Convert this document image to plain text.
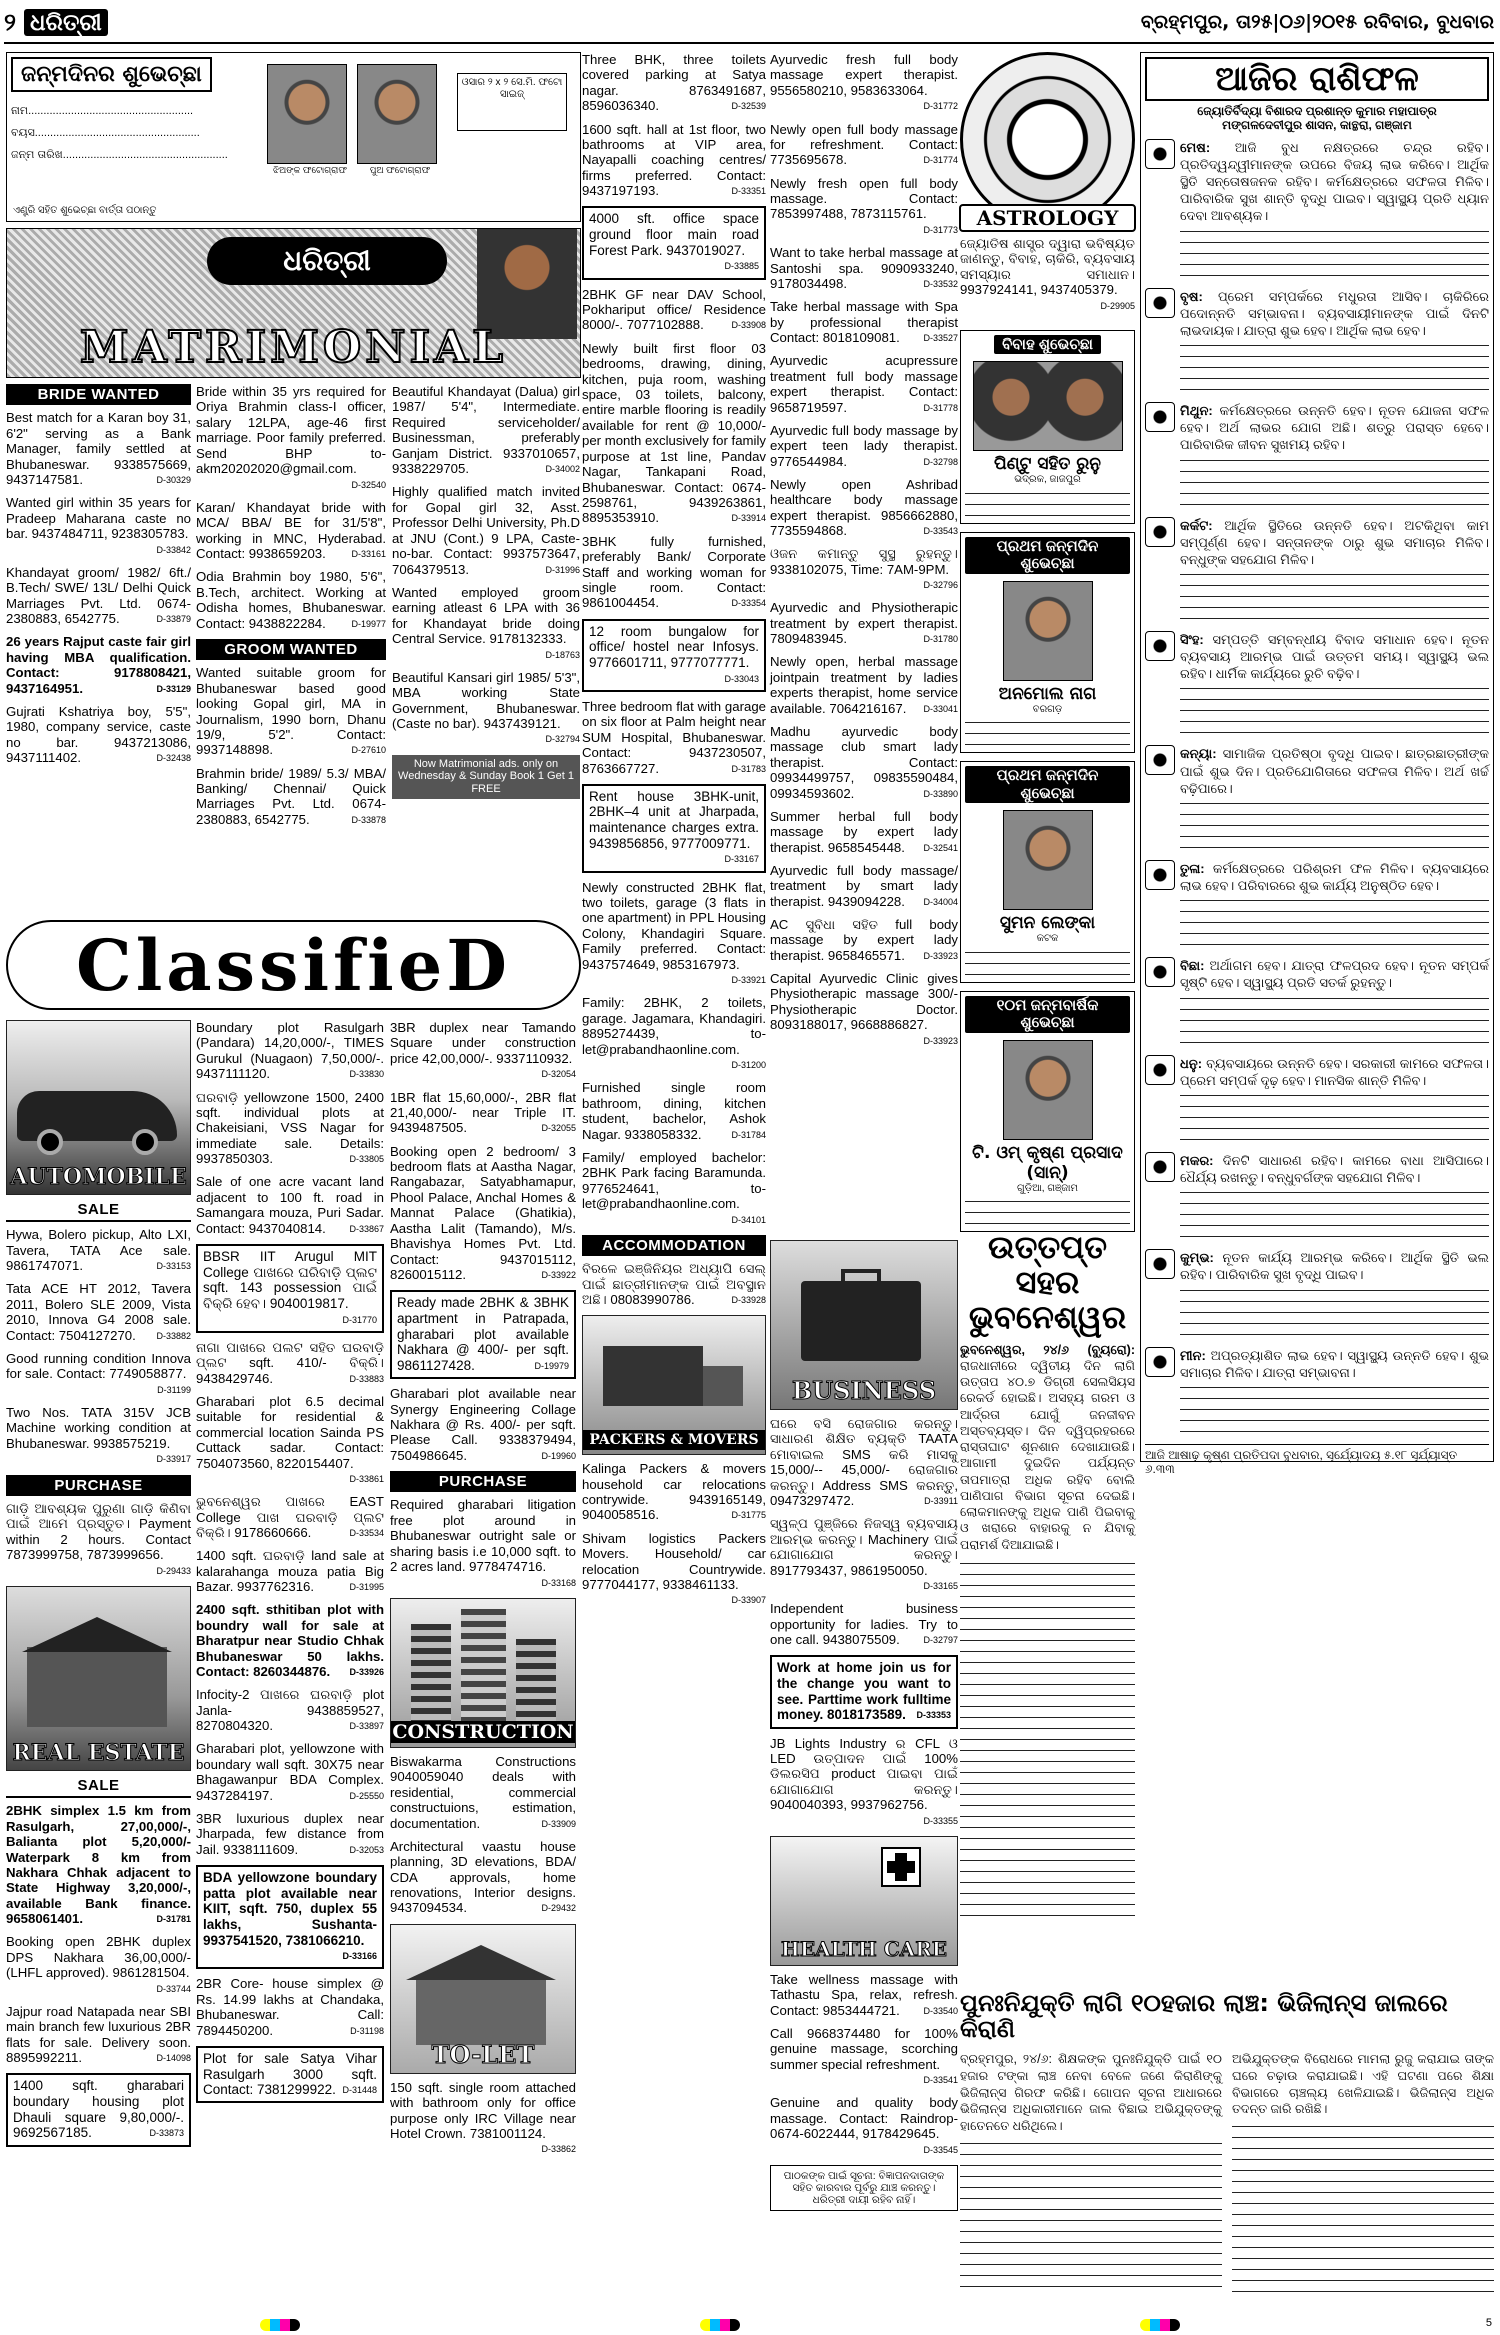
୨ ଧରିତ୍ରୀ	ବ୍ରହ୍ମପୁର, ତା୨୫|୦୬|୨୦୧୫ ରବିବାର, ବୁଧବାର
ଜନ୍ମଦିନର ଶୁଭେଚ୍ଛା
ଝିଅଙ୍କ ଫଟୋଗ୍ରାଫ	ପୁଅ ଫଟୋଗ୍ରାଫ
ଓସାର ୨ x ୨ ସେ.ମି. ଫଟୋ ସାଇଜ୍
ନାମ......................................................
ବୟସ......................................................
ଜନ୍ମ ତାରିଖ......................................................
ଏଣ୍ଟ୍ରି ସହିତ ଶୁଭେଚ୍ଛା ବାର୍ତ୍ତା ପଠାନ୍ତୁ
ଧରିତ୍ରୀ
MATRIMONIAL
BRIDE WANTED
Best match for a Karan boy 31, 6'2" serving as a Bank Manager, family settled at Bhubaneswar. 9338575669, 9437147581.	D-30329
Wanted girl within 35 years for Pradeep Maharana caste no bar. 9437484711, 9238305783.
D-33842
Khandayat groom/ 1982/ 6ft./ B.Tech/ SWE/ 13L/ Delhi Quick Marriages Pvt. Ltd. 0674-2380883, 6542775.	D-33879
26 years Rajput caste fair girl having MBA qualification. Contact: 9178808421, 9437164951.	D-33129
Gujrati Kshatriya boy, 5'5", 1980, company service, caste no bar. 9437213086, 9437111402.	D-32438
Bride within 35 yrs required for Oriya Brahmin class-I officer, salary 12LPA, age-46 first marriage. Poor family preferred. Send BHP to- akm20202020@gmail.com.
D-32540
Karan/ Khandayat bride with MCA/ BBA/ BE for 31/5'8", working in MNC, Hyderabad. Contact: 9938659203.	D-33161
Odia Brahmin boy 1980, 5'6", B.Tech, architect. Working at Odisha homes, Bhubaneswar. Contact: 9438822284.	D-19977
GROOM WANTED
Wanted suitable groom for Bhubaneswar based good looking Gopal girl, MA in Journalism, 1990 born, Dhanu 19/9, 5'2". Contact: 9937148898.	D-27610
Brahmin bride/ 1989/ 5.3/ MBA/ Banking/ Chennai/ Quick Marriages Pvt. Ltd. 0674-2380883, 6542775.	D-33878
Beautiful Khandayat (Dalua) girl 1987/ 5'4", Intermediate. Required serviceholder/ Businessman, preferably Ganjam District. 9337010657, 9338229705.	D-34002
Highly qualified match invited for Gopal girl 32, Asst. Professor Delhi University, Ph.D at JNU (Cont.) 9 LPA, Caste-no-bar. Contact: 9937573647, 7064379513.	D-31996
Wanted employed groom earning atleast 6 LPA with 36 for Khandayat bride doing Central Service. 9178132333.
D-18763
Beautiful Kansari girl 1985/ 5'3", MBA working State Government, Bhubaneswar. (Caste no bar). 9437439121.
D-32794
Now Matrimonial ads. only on Wednesday & Sunday Book 1 Get 1 FREE
ClassifieD
AUTOMOBILE
SALE
Hywa, Bolero pickup, Alto LXI, Tavera, TATA Ace sale. 9861747071.	D-33153
Tata ACE HT 2012, Tavera 2011, Bolero SLE 2009, Vista 2010, Innova G4 2008 sale. Contact: 7504127270. D-33882
Good running condition Innova for sale. Contact: 7749058877.
D-31199
Two Nos. TATA 315V JCB Machine working condition at Bhubaneswar. 9938575219.
D-33917
PURCHASE
ଗାଡ଼ି ଆବଶ୍ୟକ ପୁରୁଣା ଗାଡ଼ି କିଣିବା ପାଇଁ ଆମେ ପ୍ରସ୍ତୁତ। Payment within 2 hours. Contact 7873999758, 7873999656.
D-29433
REAL ESTATE
SALE
2BHK simplex 1.5 km from Rasulgarh, 27,00,000/-, Balianta plot 5,20,000/- Waterpark 8 km from Nakhara Chhak adjacent to State Highway 3,20,000/-, available Bank finance. 9658061401.	D-31781
Booking open 2BHK duplex DPS Nakhara 36,00,000/- (LHFL approved). 9861281504.
D-33744
Jajpur road Natapada near SBI main branch few luxurious 2BR flats for sale. Delivery soon. 8895992211.	D-14098
1400 sqft. gharabari boundary housing plot Dhauli square 9,80,000/-. 9692567185.	D-33873
Boundary plot Rasulgarh (Pandara) 14,20,000/-, TIMES Gurukul (Nuagaon) 7,50,000/-. 9437111120.	D-33830
ଘରବାଡ଼ି yellowzone 1500, 2400 sqft. individual plots at Chakeisiani, VSS Nagar for immediate sale. Details: 9937850303.	D-33805
Sale of one acre vacant land adjacent to 100 ft. road in Samangara mouza, Puri Sadar. Contact: 9437040814.	D-33867
BBSR IIT Arugul MIT College ପାଖରେ ଘରିବାଡ଼ି ପ୍ଲଟ sqft. 143 possession ପାଇଁ ବିକ୍ରି ହେବ। 9040019817.
D-31770
ନାଗା ପାଖରେ ପଲଟ ସହିତ ଘରବାଡ଼ି ପ୍ଲଟ sqft. 410/- ବିକ୍ରି। 9438429746.	D-33883
Gharabari plot 6.5 decimal suitable for residential & commercial location Sainda PS Cuttack sadar. Contact: 7504073560, 8220154407.
D-33861
ଭୁବନେଶ୍ୱର ପାଖରେ EAST College ପାଖ ଘରବାଡ଼ି ପ୍ଲଟ ବିକ୍ରି। 9178660666.	D-33534
1400 sqft. ଘରବାଡ଼ି land sale at kalarahanga mouza patia Big Bazar. 9937762316.	D-31995
2400 sqft. sthitiban plot with boundry wall for sale at Bharatpur near Studio Chhak Bhubaneswar 50 lakhs. Contact: 8260344876. D-33926
Infocity-2 ପାଖରେ ଘରବାଡ଼ି plot Janla- 9438859527, 8270804320.	D-33897
Gharabari plot, yellowzone with boundary wall sqft. 30X75 near Bhagawanpur BDA Complex. 9437284197.	D-25550
3BR luxurious duplex near Jharpada, few distance from Jail. 9338111609.	D-32053
BDA yellowzone boundary patta plot available near KIIT, sqft. 750, duplex 55 lakhs, Sushanta- 9937541520, 7381066210.
D-33166
2BR Core- house simplex @ Rs. 14.99 lakhs at Chandaka, Bhubaneswar. Call: 7894450200.	D-31198
Plot for sale Satya Vihar Rasulgarh 3000 sqft. Contact: 7381299922. D-31448
3BR duplex near Tamando Square under construction price 42,00,000/-. 9337110932.
D-32054
1BR flat 15,60,000/-, 2BR flat 21,40,000/- near Triple IT. 9439487505.	D-32055
Booking open 2 bedroom/ 3 bedroom flats at Aastha Nagar, Rangabazar, Satyabhamapur, Phool Palace, Anchal Homes & Mannat Palace (Ghatikia), Aastha Lalit (Tamando), M/s. Bhavishya Homes Pvt. Ltd. Contact: 9437015112, 8260015112.	D-33922
Ready made 2BHK & 3BHK apartment in Patrapada, gharabari plot available Nakhara @ 400/- per sqft. 9861127428.	D-19979
Gharabari plot available near Synergy Engineering Collage Nakhara @ Rs. 400/- per sqft. Please Call. 9338379494, 7504986645.	D-19960
PURCHASE
Required gharabari litigation free plot around in Bhubaneswar outright sale or sharing basis i.e 10,000 sqft. to 2 acres land. 9778474716.
D-33168
CONSTRUCTION
Biswakarma Constructions 9040059040 deals with residential, commercial constructuions, estimation, documentation.	D-33909
Architectural vaastu house planning, 3D elevations, BDA/ CDA approvals, home renovations, Interior designs. 9437094534.	D-29432
TO-LET
150 sqft. single room attached with bathroom only for office purpose only IRC Village near Hotel Crown. 7381001124.
D-33862
Three BHK, three toilets covered parking at Satya nagar. 8763491687, 8596036340.	D-32539
1600 sqft. hall at 1st floor, two bathrooms at VIP area, Nayapalli coaching centres/ firms preferred. Contact: 9437197193.	D-33351
4000 sft. office space ground floor main road Forest Park. 9437019027.
D-33885
2BHK GF near DAV School, Pokhariput office/ Residence 8000/-. 7077102888.	D-33908
Newly built first floor 03 bedrooms, drawing, dining, kitchen, puja room, washing space, 03 toilets, balcony, entire marble flooring is readily available for rent @ 10,000/- per month exclusively for family purpose at 1st line, Pandav Nagar, Tankapani Road, Bhubaneswar. Contact: 0674-2598761, 9439263861, 8895353910.	D-33914
3BHK fully furnished, preferably Bank/ Corporate Staff and working woman for single room. Contact: 9861004454.	D-33354
12 room bungalow for office/ hostel near Infosys. 9776601711, 9777077771.
D-33043
Three bedroom flat with garage on six floor at Palm height near SUM Hospital, Bhubaneswar. Contact: 9437230507, 8763667727.	D-31783
Rent house 3BHK-unit, 2BHK–4 unit at Jharpada, maintenance charges extra. 9439856856, 9777009771.
D-33167
Newly constructed 2BHK flat, two toilets, garage (3 flats in one apartment) in PPL Housing Colony, Khandagiri Square. Family preferred. Contact: 9437574649, 9853167973.
D-33921
Family: 2BHK, 2 toilets, garage. Jagamara, Khandagiri. 8895274439, to-let@prabandhaonline.com.
D-31200
Furnished single room bathroom, dining, kitchen student, bachelor, Ashok Nagar. 9338058332.	D-31784
Family/ employed bachelor: 2BHK Park facing Baramunda. 9776524641, to-let@prabandhaonline.com.
D-34101
ACCOMMODATION
ବିରଳେ ଇଞ୍ଜିନିୟର ଅଧ୍ୟାପି ସେଲ୍ ପାଇଁ ଛାତ୍ରୀମାନଙ୍କ ପାଇଁ ଅବସ୍ଥାନ ଅଛି। 08083990786.	D-33928
PACKERS & MOVERS
Kalinga Packers & movers household car relocations contrywide. 9439165149, 9040058516.	D-31775
Shivam logistics Packers Movers. Household/ car relocation Countrywide. 9777044177, 9338461133.
D-33907
Ayurvedic fresh full body massage expert therapist. 9556580210, 9583633064.
D-31772
Newly open full body massage for refreshment. Contact: 7735695678.	D-31774
Newly fresh open full body massage. Contact: 7853997488, 7873115761.
D-31773
Want to take herbal massage at Santoshi spa. 9090933240, 9178034498.	D-33532
Take herbal massage with Spa by professional therapist Contact: 8018109081.	D-33527
Ayurvedic acupressure treatment full body massage expert therapist. Contact: 9658719597.	D-31778
Ayurvedic full body massage by expert teen lady therapist. 9776544984.	D-32798
Newly open Ashribad healthcare body massage expert therapist. 9856662880, 7735594868.	D-33543
ଓଜନ କମାନ୍ତୁ ସୁସ୍ଥ ରୁହନ୍ତୁ। 9338102075, Time: 7AM-9PM.
D-32796
Ayurvedic and Physiotherapic treatment by expert therapist. 7809483945.	D-31780
Newly open, herbal massage jointpain treatment by ladies experts therapist, home service available. 7064216167. D-33041
Madhu ayurvedic body massage club smart lady therapist. Contact: 09934499757, 09835590484, 09934593602.	D-33890
Summer herbal full body massage by expert lady therapist. 9658545448. D-32541
Ayurvedic full body massage/ treatment by smart lady therapist. 9439094228. D-34004
AC ସୁବିଧା ସହିତ full body massage by expert lady therapist. 9658465571. D-33923
Capital Ayurvedic Clinic gives Physiotherapic massage 300/- Physiotherapic Doctor. 8093188017, 9668886827.
D-33923
ASTROLOGY
ଜ୍ୟୋତିଷ ଶାସ୍ତ୍ର ଦ୍ୱାରା ଭବିଷ୍ୟତ ଜାଣନ୍ତୁ, ବିବାହ, ଚାକିରି, ବ୍ୟବସାୟ ସମସ୍ୟାର ସମାଧାନ। 9937924141, 9437405379.
D-29905
ବିବାହ ଶୁଭେଚ୍ଛା
ପିଣ୍ଟୁ ସହିତ ରୁନୁ
ଭଦ୍ରକ, ଜାଜପୁର
ପ୍ରଥମ ଜନ୍ମଦିନ ଶୁଭେଚ୍ଛା
ଅନମୋଲ ନାଗ
ବରଗଡ଼
ପ୍ରଥମ ଜନ୍ମଦିନ ଶୁଭେଚ୍ଛା
ସୁମନ ଲେଙ୍କା
କଟକ
୧୦ମ ଜନ୍ମବାର୍ଷିକ ଶୁଭେଚ୍ଛା
ଟି. ଓମ୍ କୃଷ୍ଣ ପ୍ରସାଦ (ସାନ୍)
ଗୁଡ଼ିଆ, ଗଞ୍ଜାମ
ଉତ୍ତପ୍ତ ସହର
ଭୁବନେଶ୍ୱର
ଭୁବନେଶ୍ୱର, ୨୪/୬ (ବ୍ୟୁରୋ): ରାଜଧାନୀରେ ଦ୍ୱିତୀୟ ଦିନ ଲାଗି ଉତ୍ତାପ ୪୦.୭ ଡିଗ୍ରୀ ସେଲସିୟସ ରେକର୍ଡ ହୋଇଛି। ଅସହ୍ୟ ଗରମ ଓ ଆର୍ଦ୍ରତା ଯୋଗୁଁ ଜନଜୀବନ ଅସ୍ତବ୍ୟସ୍ତ। ଦିନ ଦ୍ୱିପ୍ରହରରେ ରାସ୍ତାଘାଟ ଶୂନଶାନ ଦେଖାଯାଉଛି। ଆଗାମୀ ଦୁଇଦିନ ପର୍ଯ୍ୟନ୍ତ ତାପମାତ୍ରା ଅଧିକ ରହିବ ବୋଲି ପାଣିପାଗ ବିଭାଗ ସୂଚନା ଦେଇଛି। ଲୋକମାନଙ୍କୁ ଅଧିକ ପାଣି ପିଇବାକୁ ଓ ଖରାରେ ବାହାରକୁ ନ ଯିବାକୁ ପରାମର୍ଶ ଦିଆଯାଇଛି।
BUSINESS
ଘରେ ବସି ରୋଜଗାର କରନ୍ତୁ। ସାଧାରଣ ଶିକ୍ଷିତ ବ୍ୟକ୍ତି TAATA ମୋବାଇଲ SMS କରି ମାସକୁ 15,000/-- 45,000/- ରୋଜଗାର କରନ୍ତୁ। Address SMS କରନ୍ତୁ, 09473297472.	D-33911
ସ୍ୱଳ୍ପ ପୁଞ୍ଜିରେ ନିଜସ୍ୱ ବ୍ୟବସାୟ ଆରମ୍ଭ କରନ୍ତୁ। Machinery ପାଇଁ ଯୋଗାଯୋଗ କରନ୍ତୁ। 8917793437, 9861950050.
D-33165
Independent business opportunity for ladies. Try to one call. 9438075509.	D-32797
Work at home join us for the change you want to see. Parttime work fulltime money. 8018173589. D-33353
JB Lights Industry ର CFL ଓ LED ଉତ୍ପାଦନ ପାଇଁ 100% ଡିଲରସିପ product ପାଇବା ପାଇଁ ଯୋଗାଯୋଗ କରନ୍ତୁ। 9040040393, 9937962756.
D-33355
HEALTH CARE
Take wellness massage with Tathastu Spa, relax, refresh. Contact: 9853444721.	D-33540
Call 9668374480 for 100% genuine massage, scorching summer special refreshment.
D-33541
Genuine and quality body massage. Contact: Raindrop- 0674-6022444, 9178429645.
D-33545
ପାଠକଙ୍କ ପାଇଁ ସୂଚନା: ବିଜ୍ଞାପନଦାତାଙ୍କ ସହିତ କାରବାର ପୂର୍ବରୁ ଯାଞ୍ଚ କରନ୍ତୁ। ଧରିତ୍ରୀ ଦାୟୀ ରହିବ ନାହିଁ।
ଆଜିର ରାଶିଫଳ
ଜ୍ୟୋତିର୍ବିଦ୍ୟା ବିଶାରଦ ପ୍ରଶାନ୍ତ କୁମାର ମହାପାତ୍ର
ମଙ୍ଗଳଦେବୀପୁର ଶାସନ, କାନ୍ଥରା, ଗଞ୍ଜାମ
ମେଷ: ଆଜି ବୁଧ ନକ୍ଷତ୍ରରେ ଚନ୍ଦ୍ର ରହିବ। ପ୍ରତିଦ୍ୱନ୍ଦ୍ୱୀମାନଙ୍କ ଉପରେ ବିଜୟ ଲାଭ କରିବେ। ଆର୍ଥିକ ସ୍ଥିତି ସନ୍ତୋଷଜନକ ରହିବ। କର୍ମକ୍ଷେତ୍ରରେ ସଫଳତା ମିଳିବ। ପାରିବାରିକ ସୁଖ ଶାନ୍ତି ବୃଦ୍ଧି ପାଇବ। ସ୍ୱାସ୍ଥ୍ୟ ପ୍ରତି ଧ୍ୟାନ ଦେବା ଆବଶ୍ୟକ।
ବୃଷ: ପ୍ରେମ ସମ୍ପର୍କରେ ମଧୁରତା ଆସିବ। ଚାକିରିରେ ପଦୋନ୍ନତି ସମ୍ଭାବନା। ବ୍ୟବସାୟୀମାନଙ୍କ ପାଇଁ ଦିନଟି ଲାଭଦାୟକ। ଯାତ୍ରା ଶୁଭ ହେବ। ଆର୍ଥିକ ଲାଭ ହେବ।
ମିଥୁନ: କର୍ମକ୍ଷେତ୍ରରେ ଉନ୍ନତି ହେବ। ନୂତନ ଯୋଜନା ସଫଳ ହେବ। ଅର୍ଥ ଲାଭର ଯୋଗ ଅଛି। ଶତ୍ରୁ ପରାସ୍ତ ହେବେ। ପାରିବାରିକ ଜୀବନ ସୁଖମୟ ରହିବ।
କର୍କଟ: ଆର୍ଥିକ ସ୍ଥିତିରେ ଉନ୍ନତି ହେବ। ଅଟକିଥିବା କାମ ସମ୍ପୂର୍ଣ୍ଣ ହେବ। ସନ୍ତାନଙ୍କ ଠାରୁ ଶୁଭ ସମାଚାର ମିଳିବ। ବନ୍ଧୁଙ୍କ ସହଯୋଗ ମିଳିବ।
ସିଂହ: ସମ୍ପତ୍ତି ସମ୍ବନ୍ଧୀୟ ବିବାଦ ସମାଧାନ ହେବ। ନୂତନ ବ୍ୟବସାୟ ଆରମ୍ଭ ପାଇଁ ଉତ୍ତମ ସମୟ। ସ୍ୱାସ୍ଥ୍ୟ ଭଲ ରହିବ। ଧାର୍ମିକ କାର୍ଯ୍ୟରେ ରୁଚି ବଢ଼ିବ।
କନ୍ୟା: ସାମାଜିକ ପ୍ରତିଷ୍ଠା ବୃଦ୍ଧି ପାଇବ। ଛାତ୍ରଛାତ୍ରୀଙ୍କ ପାଇଁ ଶୁଭ ଦିନ। ପ୍ରତିଯୋଗିତାରେ ସଫଳତା ମିଳିବ। ଅର୍ଥ ଖର୍ଚ୍ଚ ବଢ଼ିପାରେ।
ତୁଳା: କର୍ମକ୍ଷେତ୍ରରେ ପରିଶ୍ରମ ଫଳ ମିଳିବ। ବ୍ୟବସାୟରେ ଲାଭ ହେବ। ପରିବାରରେ ଶୁଭ କାର୍ଯ୍ୟ ଅନୁଷ୍ଠିତ ହେବ।
ବିଛା: ଅର୍ଥାଗମ ହେବ। ଯାତ୍ରା ଫଳପ୍ରଦ ହେବ। ନୂତନ ସମ୍ପର୍କ ସୃଷ୍ଟି ହେବ। ସ୍ୱାସ୍ଥ୍ୟ ପ୍ରତି ସତର୍କ ରୁହନ୍ତୁ।
ଧନୁ: ବ୍ୟବସାୟରେ ଉନ୍ନତି ହେବ। ସରକାରୀ କାମରେ ସଫଳତା। ପ୍ରେମ ସମ୍ପର୍କ ଦୃଢ଼ ହେବ। ମାନସିକ ଶାନ୍ତି ମିଳିବ।
ମକର: ଦିନଟି ସାଧାରଣ ରହିବ। କାମରେ ବାଧା ଆସିପାରେ। ଧୈର୍ଯ୍ୟ ରଖନ୍ତୁ। ବନ୍ଧୁବର୍ଗଙ୍କ ସହଯୋଗ ମିଳିବ।
କୁମ୍ଭ: ନୂତନ କାର୍ଯ୍ୟ ଆରମ୍ଭ କରିବେ। ଆର୍ଥିକ ସ୍ଥିତି ଭଲ ରହିବ। ପାରିବାରିକ ସୁଖ ବୃଦ୍ଧି ପାଇବ।
ମୀନ: ଅପ୍ରତ୍ୟାଶିତ ଲାଭ ହେବ। ସ୍ୱାସ୍ଥ୍ୟ ଉନ୍ନତି ହେବ। ଶୁଭ ସମାଚାର ମିଳିବ। ଯାତ୍ରା ସମ୍ଭାବନା।
ଆଜି ଆଷାଢ଼ କୃଷ୍ଣ ପ୍ରତିପଦା ବୁଧବାର, ସୂର୍ଯ୍ୟୋଦୟ ୫.୧୮ ସୂର୍ଯ୍ୟାସ୍ତ ୬.୩୩
ପୁନଃନିଯୁକ୍ତି ଲାଗି ୧୦ହଜାର ଲାଞ୍ଚ: ଭିଜିଲାନ୍ସ ଜାଲରେ କିରାଣି
ବ୍ରହ୍ମପୁର, ୨୪/୬: ଶିକ୍ଷକଙ୍କ ପୁନଃନିଯୁକ୍ତି ପାଇଁ ୧୦ ହଜାର ଟଙ୍କା ଲାଞ୍ଚ ନେବା ବେଳେ ଜଣେ କିରାଣିଙ୍କୁ ଭିଜିଲାନ୍ସ ଗିରଫ କରିଛି। ଗୋପନ ସୂଚନା ଆଧାରରେ ଭିଜିଲାନ୍ସ ଅଧିକାରୀମାନେ ଜାଲ ବିଛାଇ ଅଭିଯୁକ୍ତଙ୍କୁ ହାତେନତେ ଧରିଥିଲେ।
ଅଭିଯୁକ୍ତଙ୍କ ବିରୋଧରେ ମାମଲା ରୁଜୁ କରାଯାଇ ତାଙ୍କ ଘରେ ଚଢ଼ାଉ କରାଯାଇଛି। ଏହି ଘଟଣା ପରେ ଶିକ୍ଷା ବିଭାଗରେ ଚାଞ୍ଚଲ୍ୟ ଖେଳିଯାଇଛି। ଭିଜିଲାନ୍ସ ଅଧିକ ତଦନ୍ତ ଜାରି ରଖିଛି।
5
